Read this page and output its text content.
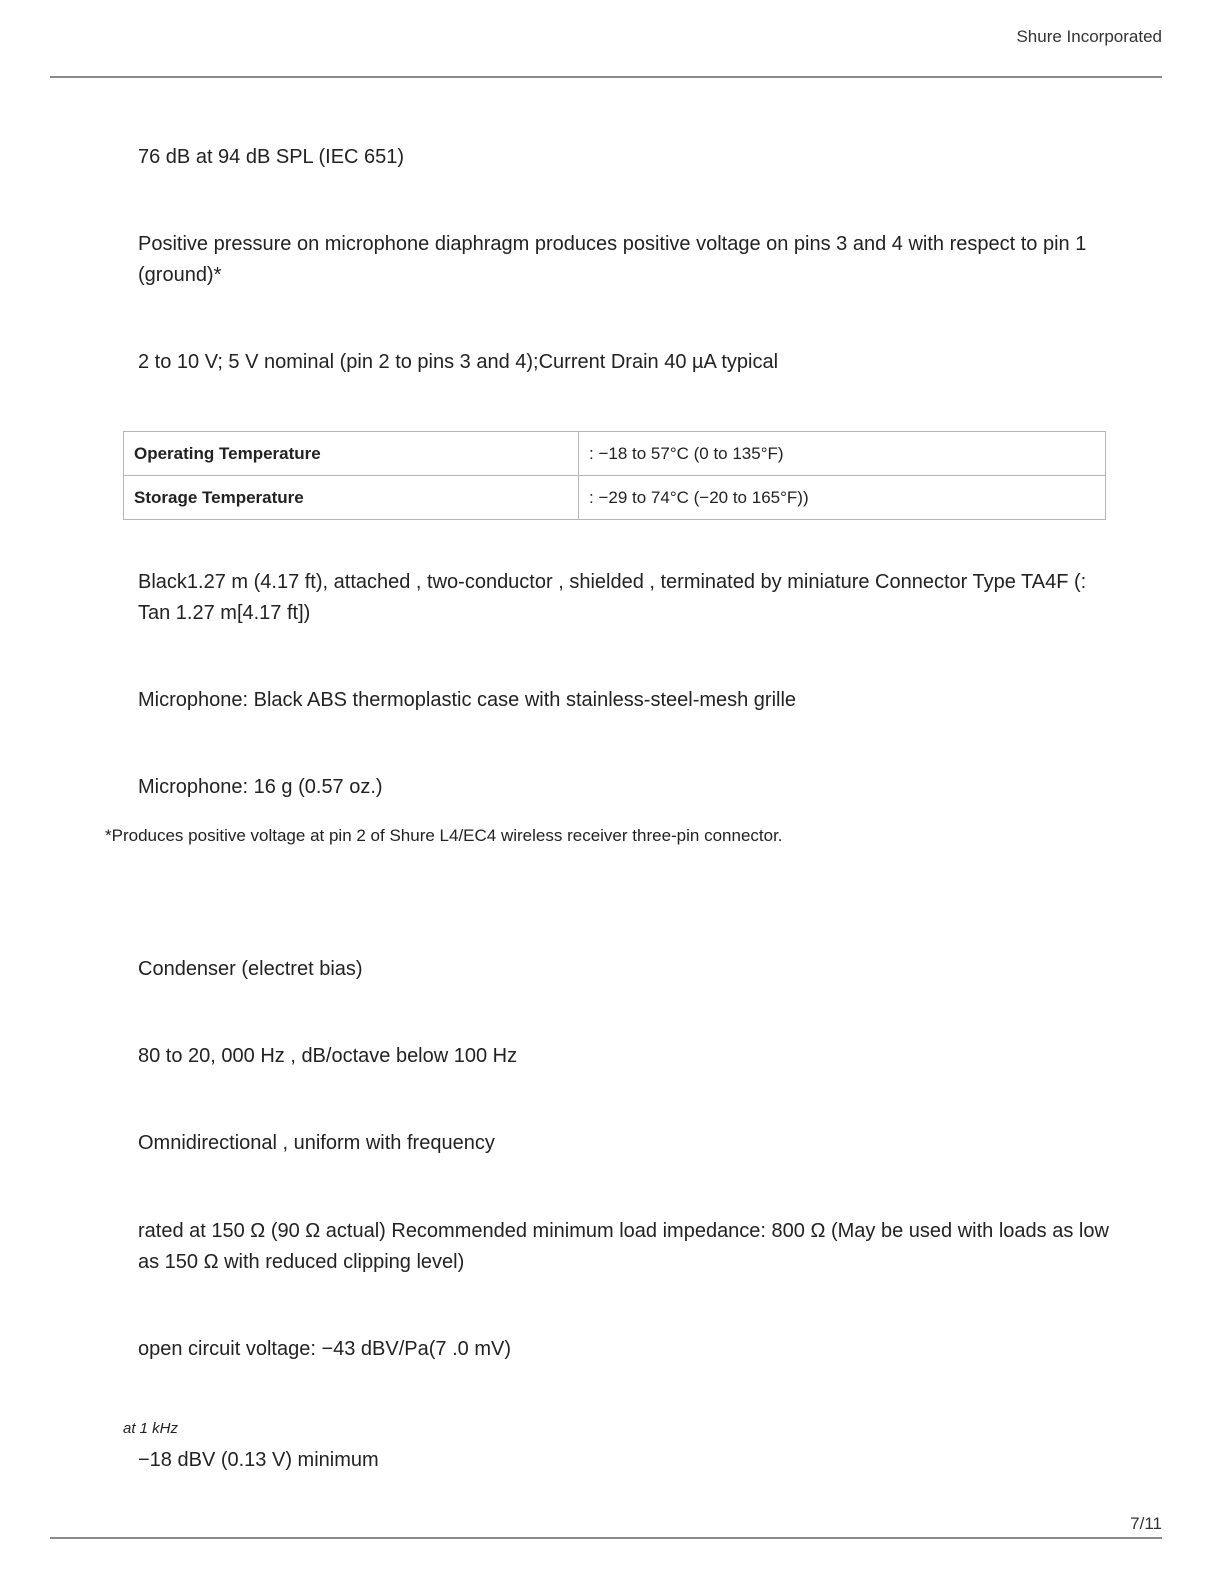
Shure Incorporated
76 dB at 94 dB SPL (IEC 651)
Positive pressure on microphone diaphragm produces positive voltage on pins 3 and 4 with respect to pin 1 (ground)*
2 to 10 V; 5 V nominal (pin 2 to pins 3 and 4);Current Drain 40 µA typical
Operating Temperature	: −18 to 57°C (0 to 135°F)
Storage Temperature	: −29 to 74°C (−20 to 165°F))
Black1.27 m (4.17 ft), attached , two-conductor , shielded , terminated by miniature Connector Type TA4F (: Tan 1.27 m[4.17 ft])
Microphone: Black ABS thermoplastic case with stainless-steel-mesh grille
Microphone: 16 g (0.57 oz.)
*Produces positive voltage at pin 2 of Shure L4/EC4 wireless receiver three-pin connector.
Condenser (electret bias)
80 to 20, 000 Hz , dB/octave below 100 Hz
Omnidirectional , uniform with frequency
rated at 150 Ω (90 Ω actual) Recommended minimum load impedance: 800 Ω (May be used with loads as low as 150 Ω with reduced clipping level)
open circuit voltage: −43 dBV/Pa(7 .0 mV)
at 1 kHz
−18 dBV (0.13 V) minimum
7/11
